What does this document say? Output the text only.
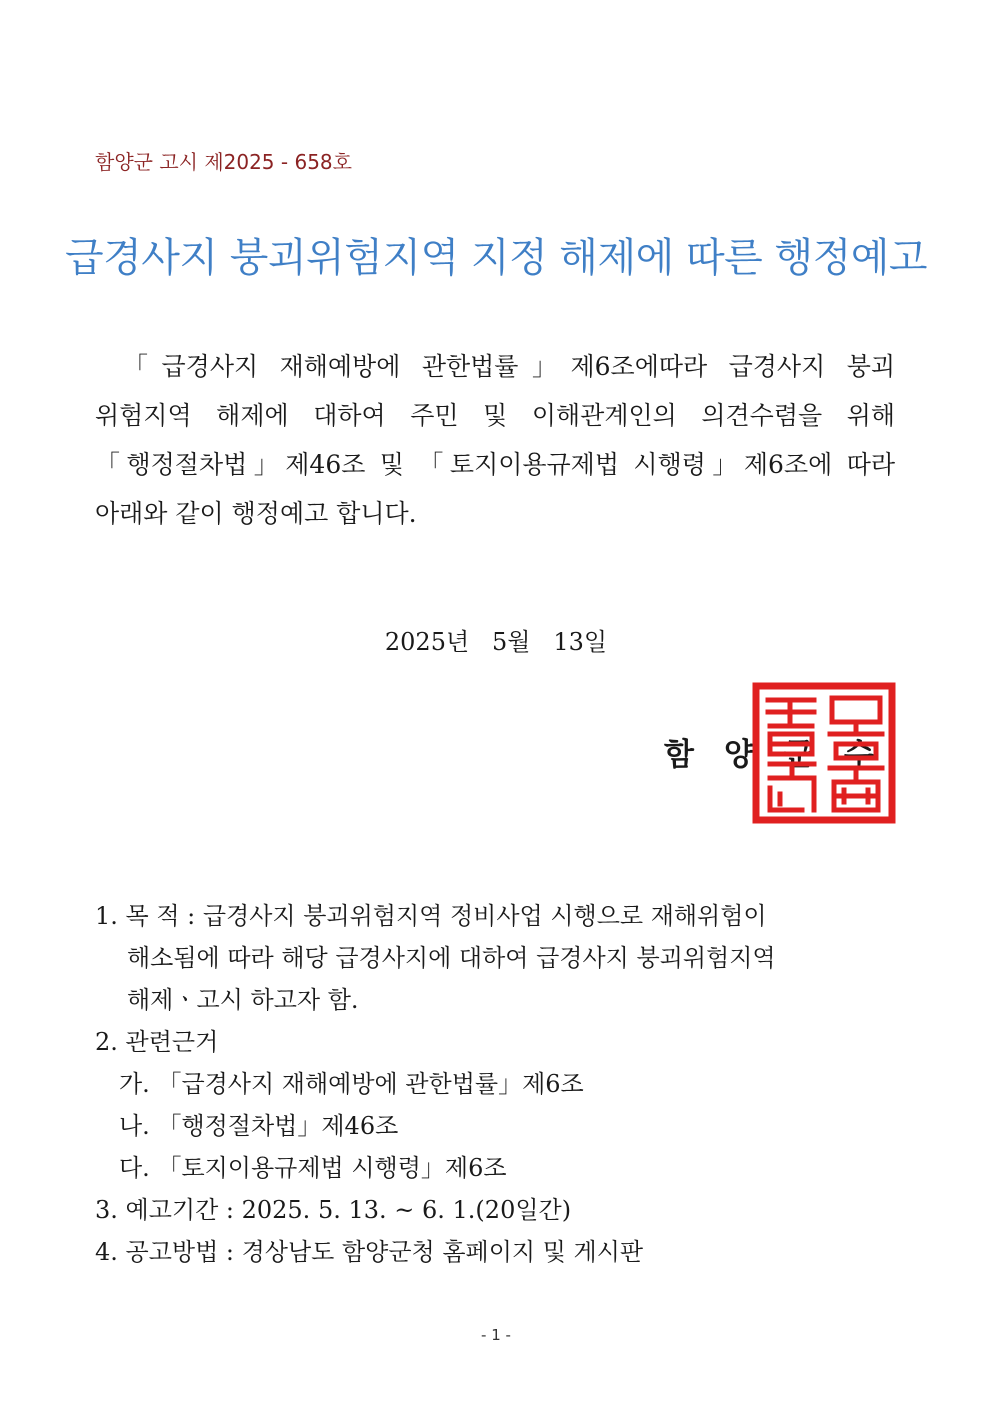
함양군 고시 제2025 - 658호
급경사지 붕괴위험지역 지정 해제에 따른 행정예고
「급경사지 재해예방에 관한법률」제6조에따라 급경사지 붕괴
위험지역 해제에 대하여 주민 및 이해관계인의 의견수렴을 위해
「행정절차법」제46조 및 「토지이용규제법 시행령」제6조에 따라
아래와 같이 행정예고 합니다.
2025년   5월   13일
함 양 군 수
1. 목 적 : 급경사지 붕괴위험지역 정비사업 시행으로 재해위험이
해소됨에 따라 해당 급경사지에 대하여 급경사지 붕괴위험지역
해제ㆍ고시 하고자 함.
2. 관련근거
가. 「급경사지 재해예방에 관한법률」제6조
나. 「행정절차법」제46조
다. 「토지이용규제법 시행령」제6조
3. 예고기간 : 2025. 5. 13. ~ 6. 1.(20일간)
4. 공고방법 : 경상남도 함양군청 홈페이지 및 게시판
- 1 -
